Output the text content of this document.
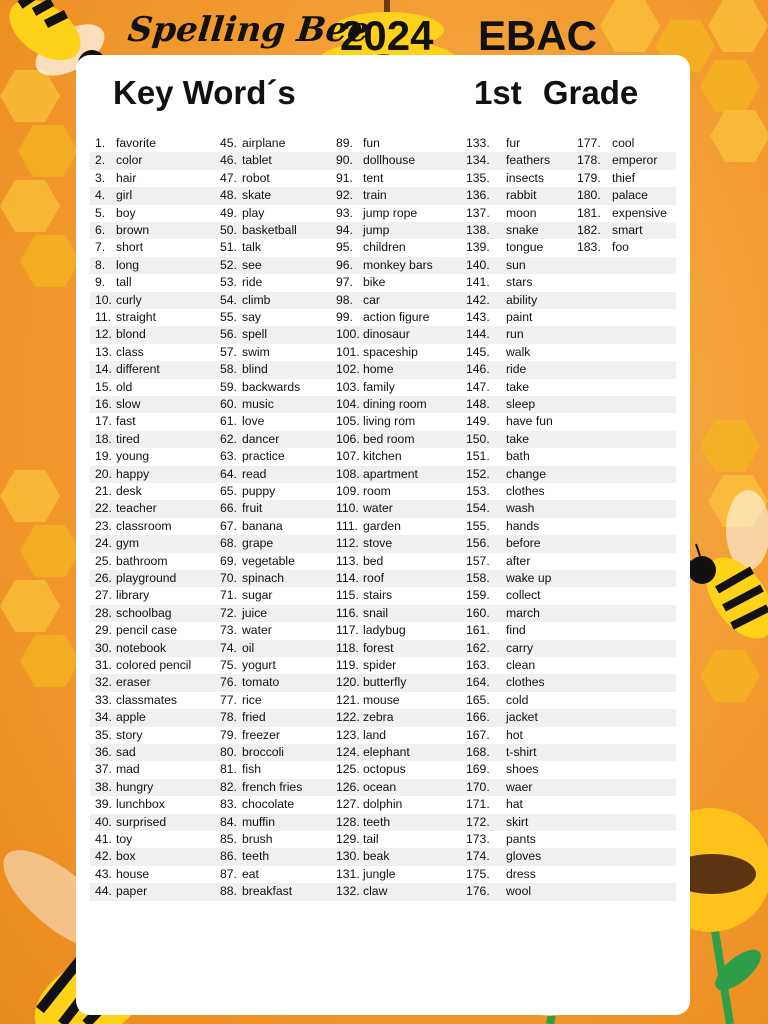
Spelling Bee
2024 EBAC
Key Word´s	1st Grade
1. favorite
2. color
3. hair
4. girl
5. boy
6. brown
7. short
8. long
9. tall
10. curly
11. straight
12. blond
13. class
14. different
15. old
16. slow
17. fast
18. tired
19. young
20. happy
21. desk
22. teacher
23. classroom
24. gym
25. bathroom
26. playground
27. library
28. schoolbag
29. pencil case
30. notebook
31. colored pencil
32. eraser
33. classmates
34. apple
35. story
36. sad
37. mad
38. hungry
39. lunchbox
40. surprised
41. toy
42. box
43. house
44. paper
45. airplane
46. tablet
47. robot
48. skate
49. play
50. basketball
51. talk
52. see
53. ride
54. climb
55. say
56. spell
57. swim
58. blind
59. backwards
60. music
61. love
62. dancer
63. practice
64. read
65. puppy
66. fruit
67. banana
68. grape
69. vegetable
70. spinach
71. sugar
72. juice
73. water
74. oil
75. yogurt
76. tomato
77. rice
78. fried
79. freezer
80. broccoli
81. fish
82. french fries
83. chocolate
84. muffin
85. brush
86. teeth
87. eat
88. breakfast
89. fun
90. dollhouse
91. tent
92. train
93. jump rope
94. jump
95. children
96. monkey bars
97. bike
98. car
99. action figure
100. dinosaur
101. spaceship
102. home
103. family
104. dining room
105. living rom
106. bed room
107. kitchen
108. apartment
109. room
110. water
111. garden
112. stove
113. bed
114. roof
115. stairs
116. snail
117. ladybug
118. forest
119. spider
120. butterfly
121. mouse
122. zebra
123. land
124. elephant
125. octopus
126. ocean
127. dolphin
128. teeth
129. tail
130. beak
131. jungle
132. claw
133. fur
134. feathers
135. insects
136. rabbit
137. moon
138. snake
139. tongue
140. sun
141. stars
142. ability
143. paint
144. run
145. walk
146. ride
147. take
148. sleep
149. have fun
150. take
151. bath
152. change
153. clothes
154. wash
155. hands
156. before
157. after
158. wake up
159. collect
160. march
161. find
162. carry
163. clean
164. clothes
165. cold
166. jacket
167. hot
168. t-shirt
169. shoes
170. waer
171. hat
172. skirt
173. pants
174. gloves
175. dress
176. wool
177. cool
178. emperor
179. thief
180. palace
181. expensive
182. smart
183. foo
